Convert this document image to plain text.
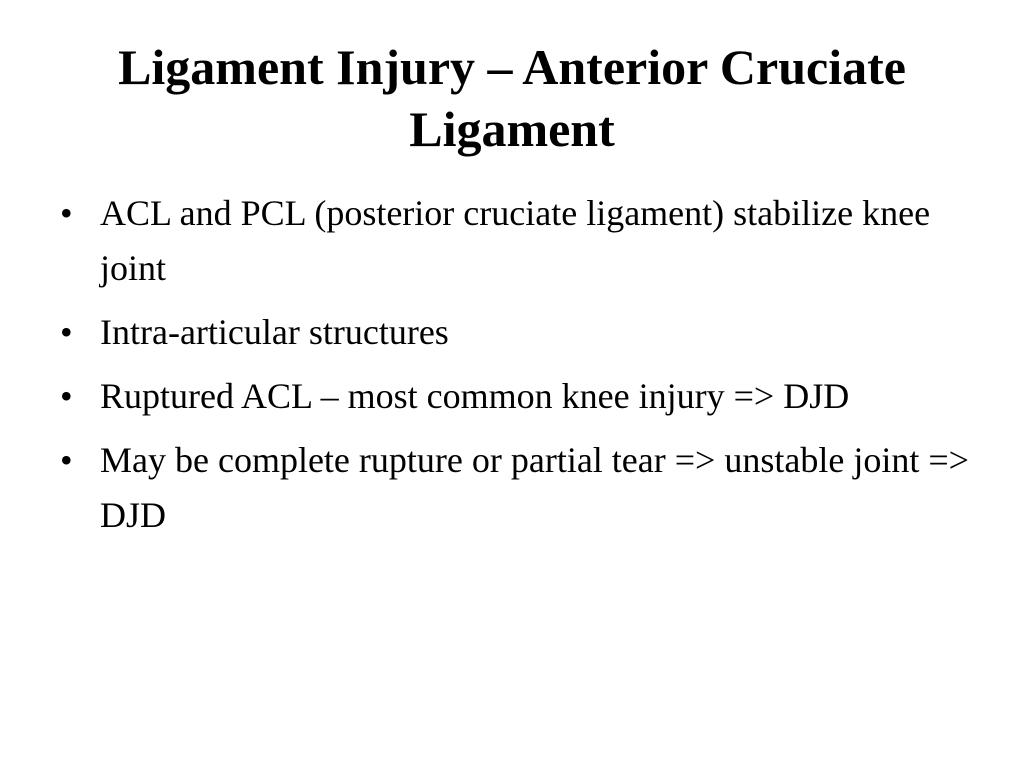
Ligament Injury – Anterior Cruciate Ligament
• ACL and PCL (posterior cruciate ligament) stabilize knee joint
• Intra-articular structures
• Ruptured ACL – most common knee injury => DJD
• May be complete rupture or partial tear => unstable joint => DJD
